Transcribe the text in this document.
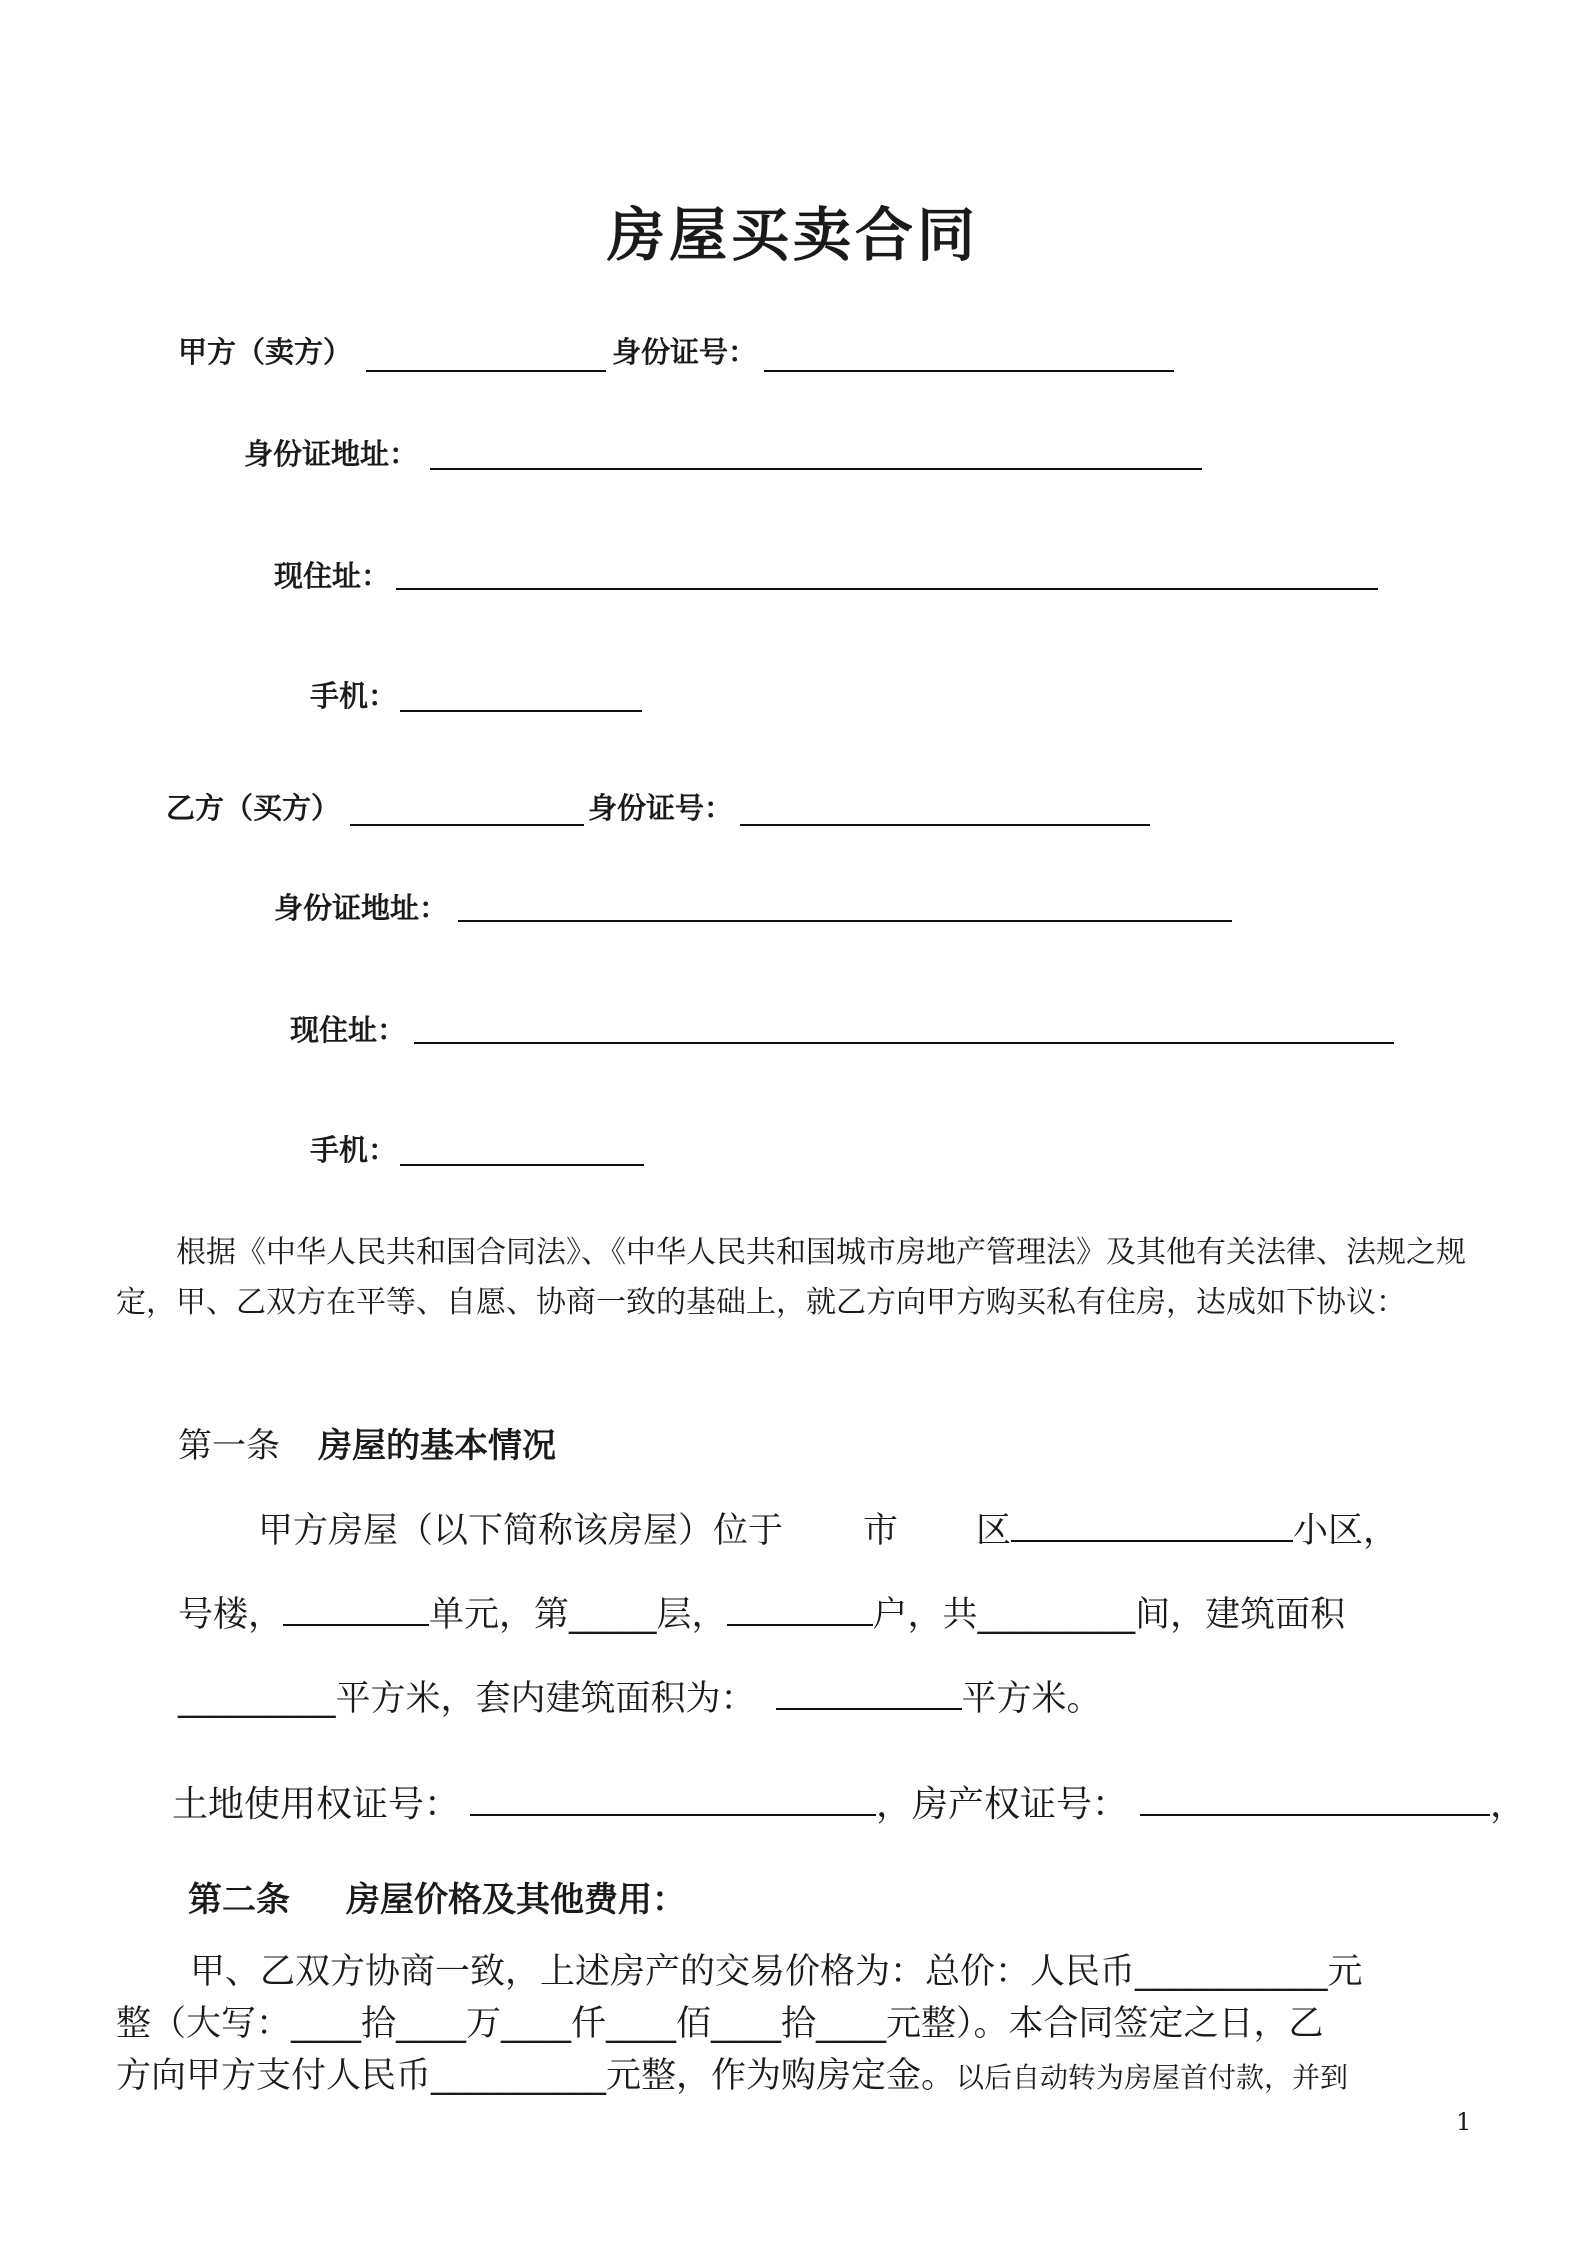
房屋买卖合同
甲方（卖方）	身份证号：
身份证地址：
现住址：
手机：
乙方（买方）	身份证号：
身份证地址：
现住址：
手机：
根据《中华人民共和国合同法》、《中华人民共和国城市房地产管理法》及其他有关法律、法规之规定，甲、乙双方在平等、自愿、协商一致的基础上，就乙方向甲方购买私有住房，达成如下协议：
第一条 房屋的基本情况
甲方房屋（以下简称该房屋）位于 市 区	小区，
号楼，	单元，第_____层，	户，共_________间，建筑面积
_________平方米，套内建筑面积为：	平方米。
土地使用权证号：	，房产权证号：	，
第二条 房屋价格及其他费用：
甲、乙双方协商一致，上述房产的交易价格为：总价：人民币___________元
整（大写：____拾____万____仟____佰____拾____元整）。本合同签定之日，乙
方向甲方支付人民币__________元整，作为购房定金。以后自动转为房屋首付款，并到
1
